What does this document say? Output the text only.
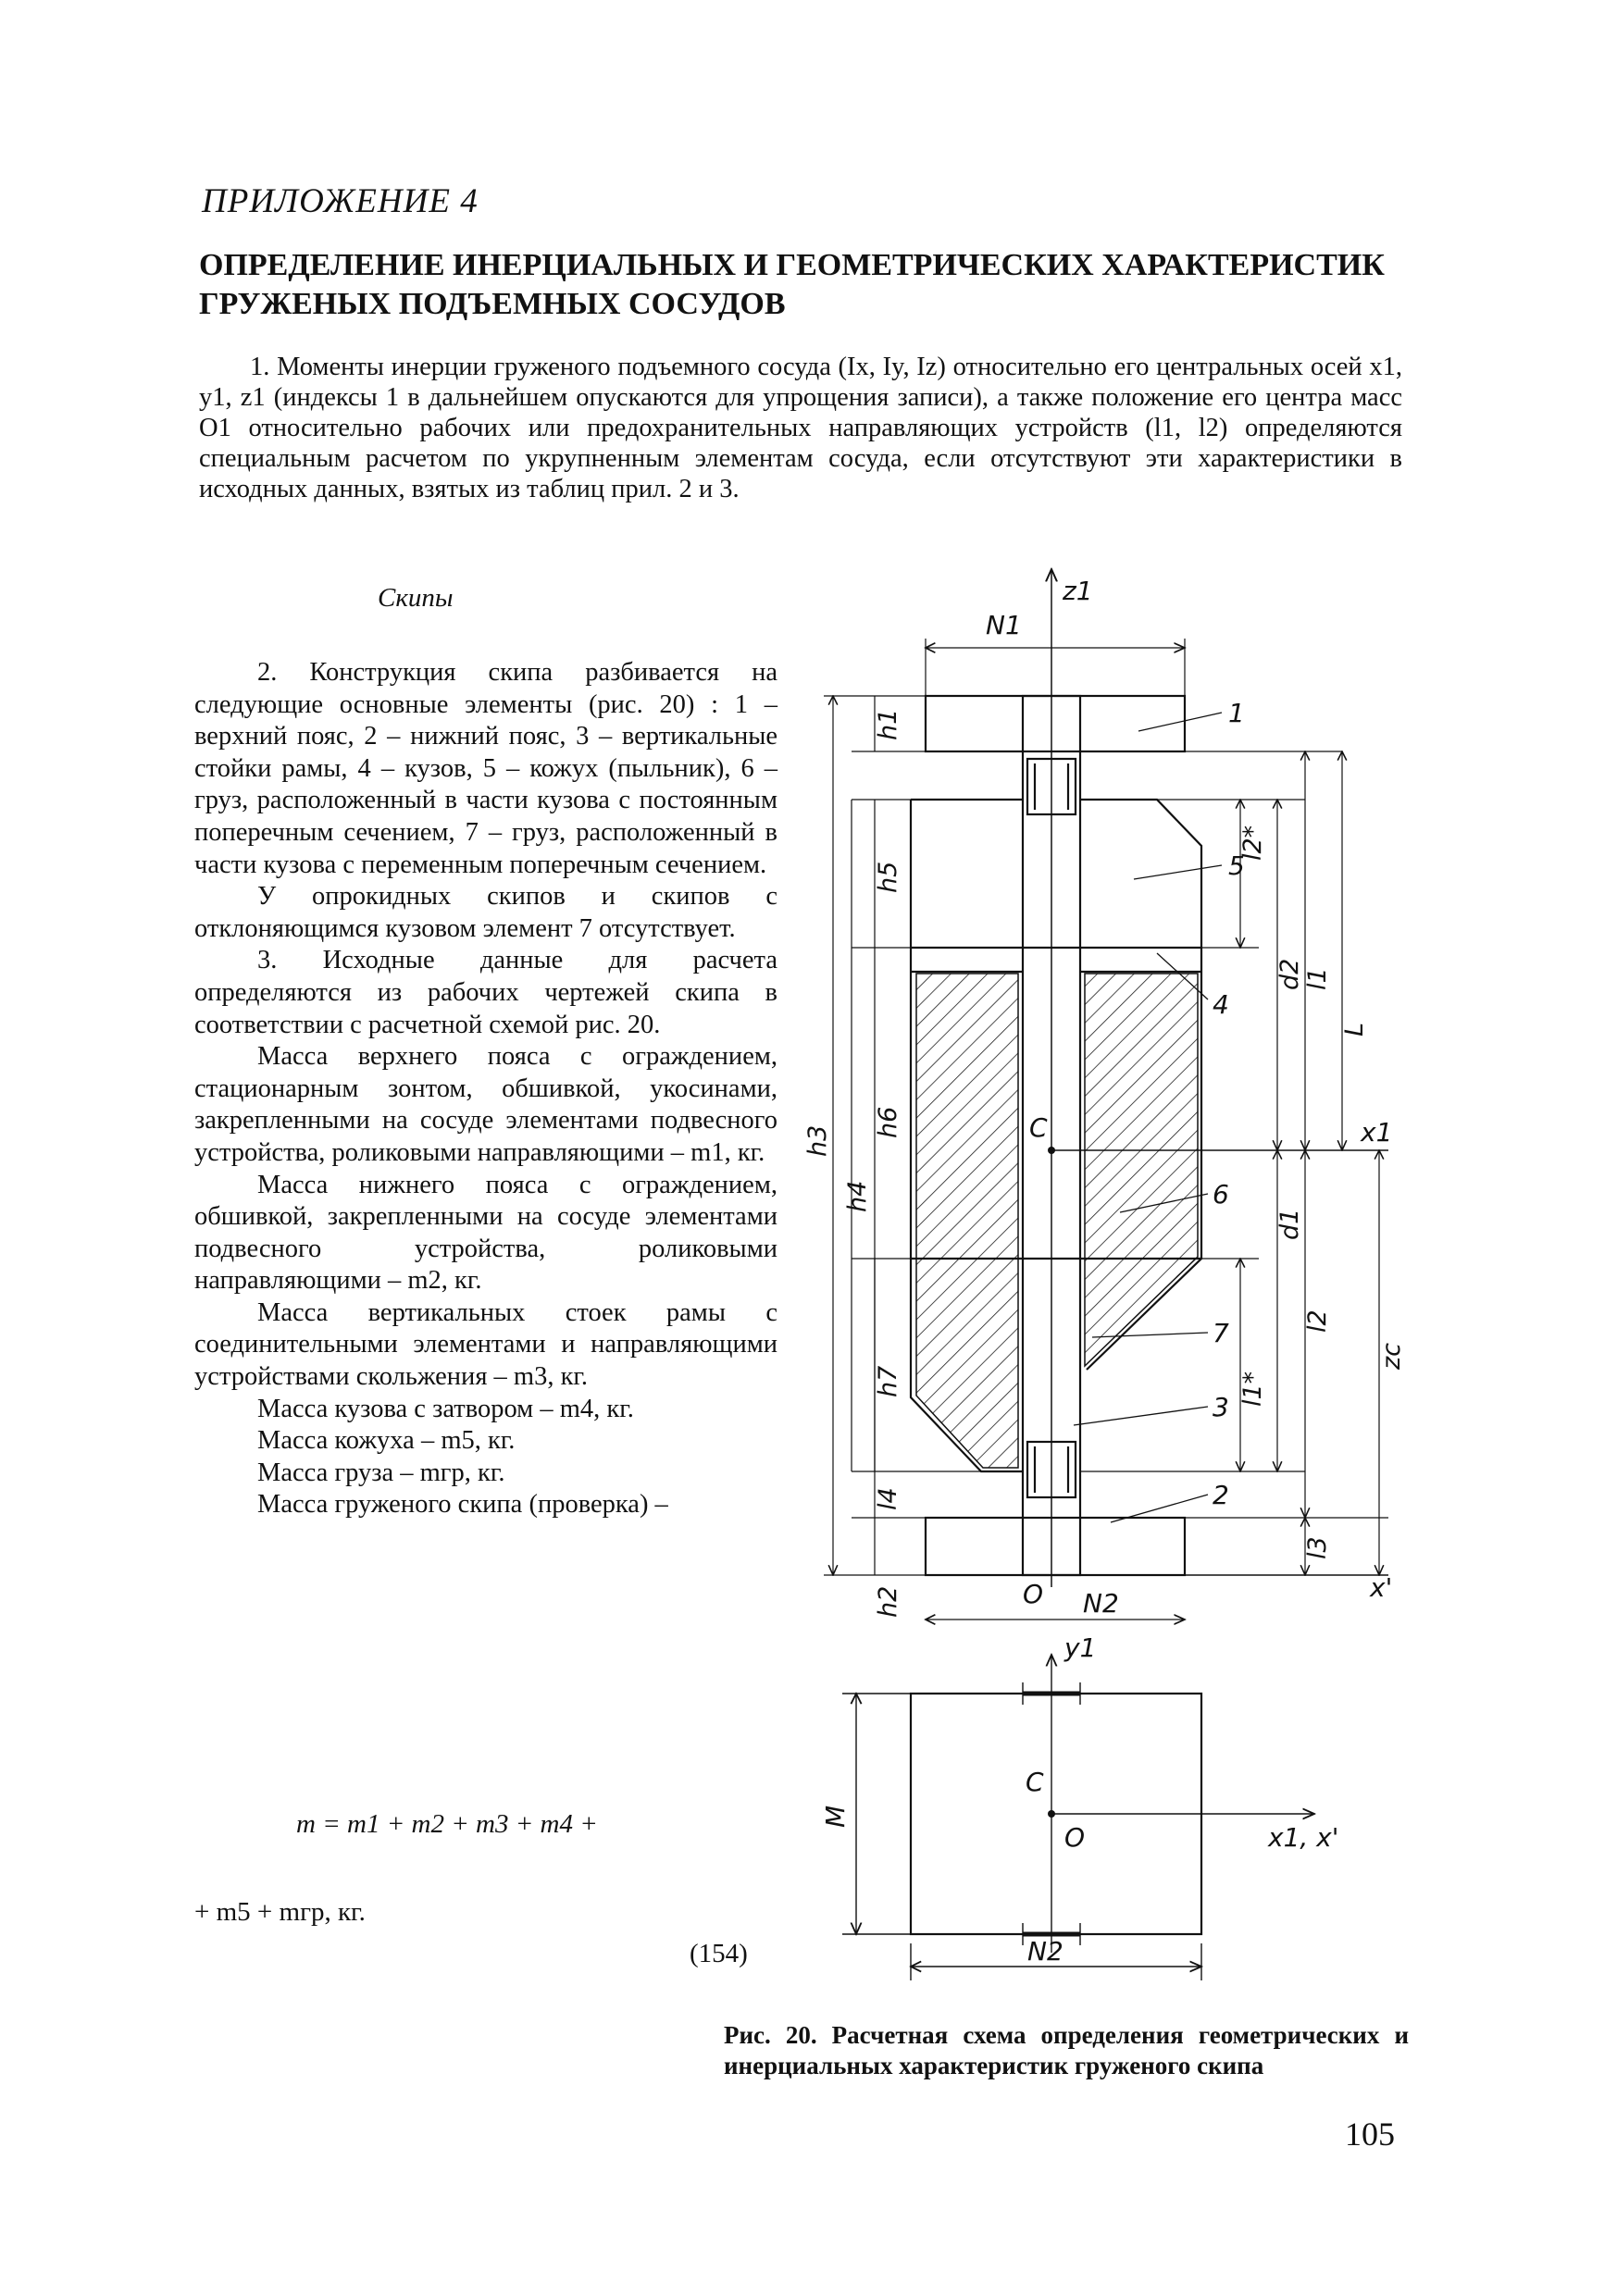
ПРИЛОЖЕНИЕ 4
ОПРЕДЕЛЕНИЕ ИНЕРЦИАЛЬНЫХ И ГЕОМЕТРИЧЕСКИХ ХАРАКТЕРИСТИК ГРУЖЕНЫХ ПОДЪЕМНЫХ СОСУДОВ
1. Моменты инерции груженого подъемного сосуда (Ix, Iy, Iz) относительно его центральных осей x1, y1, z1 (индексы 1 в дальнейшем опускаются для упрощения записи), а также положение его центра масс O1 относительно рабочих или предохранительных направляющих устройств (l1, l2) определяются специальным расчетом по укрупненным элементам сосуда, если отсутствуют эти характеристики в исходных данных, взятых из таблиц прил. 2 и 3.
Скипы

2. Конструкция скипа разбивается на следующие основные элементы (рис. 20) : 1 – верхний пояс, 2 – нижний пояс, 3 – вертикальные стойки рамы, 4 – кузов, 5 – кожух (пыльник), 6 – груз, расположенный в части кузова с постоянным поперечным сечением, 7 – груз, расположенный в части кузова с переменным поперечным сечением.

У опрокидных скипов и скипов с отклоняющимся кузовом элемент 7 отсутствует.

3. Исходные данные для расчета определяются из рабочих чертежей скипа в соответствии с расчетной схемой рис. 20.

Масса верхнего пояса с ограждением, стационарным зонтом, обшивкой, укосинами, закрепленными на сосуде элементами подвесного устройства, роликовыми направляющими – m1, кг.

Масса нижнего пояса с ограждением, обшивкой, закрепленными на сосуде элементами подвесного устройства, роликовыми направляющими – m2, кг.

Масса вертикальных стоек рамы с соединительными элементами и направляющими устройствами скольжения – m3, кг.

Масса кузова с затвором – m4, кг.

Масса кожуха – m5, кг.

Масса груза – mгр, кг.

Масса груженого скипа (проверка) –

m = m1 + m2 + m3 + m4 +
+ m5 + mгр, кг.
(154)
z1
N1
N2
O
C	x1
x'
1
5
4
6
7
3
2
h1
h5
h6
h7
l4
h2
h3
h4
l2*
d2
d1
l1
l2
l3
L
zc
l1*
y1
C
O	x1, x'
N2
M
Рис. 20. Расчетная схема определения геометрических и инерциальных характеристик груженого скипа
105
